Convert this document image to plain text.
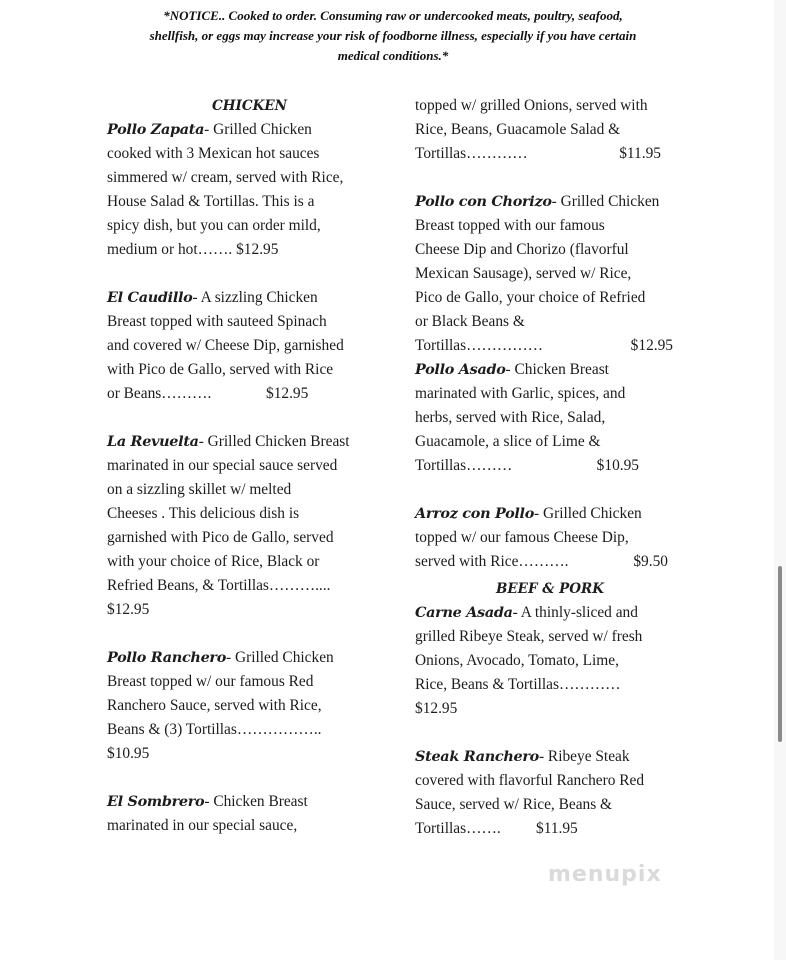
*NOTICE.. Cooked to order. Consuming raw or undercooked meats, poultry, seafood,
shellfish, or eggs may increase your risk of foodborne illness, especially if you have certain
medical conditions.*
CHICKEN
Pollo Zapata- Grilled Chicken
cooked with 3 Mexican hot sauces
simmered w/ cream, served with Rice,
House Salad & Tortillas. This is a
spicy dish, but you can order mild,
medium or hot……. $12.95
El Caudillo- A sizzling Chicken
Breast topped with sauteed Spinach
and covered w/ Cheese Dip, garnished
with Pico de Gallo, served with Rice
or Beans……….	$12.95
La Revuelta- Grilled Chicken Breast
marinated in our special sauce served
on a sizzling skillet w/ melted
Cheeses . This delicious dish is
garnished with Pico de Gallo, served
with your choice of Rice, Black or
Refried Beans, & Tortillas………....
$12.95
Pollo Ranchero- Grilled Chicken
Breast topped w/ our famous Red
Ranchero Sauce, served with Rice,
Beans & (3) Tortillas……………..
$10.95
El Sombrero- Chicken Breast
marinated in our special sauce,
topped w/ grilled Onions, served with
Rice, Beans, Guacamole Salad &
Tortillas…………	$11.95
Pollo con Chorizo- Grilled Chicken
Breast topped with our famous
Cheese Dip and Chorizo (flavorful
Mexican Sausage), served w/ Rice,
Pico de Gallo, your choice of Refried
or Black Beans &
Tortillas……………	$12.95
Pollo Asado- Chicken Breast
marinated with Garlic, spices, and
herbs, served with Rice, Salad,
Guacamole, a slice of Lime &
Tortillas………	$10.95
Arroz con Pollo- Grilled Chicken
topped w/ our famous Cheese Dip,
served with Rice……….	$9.50
BEEF & PORK
Carne Asada- A thinly-sliced and
grilled Ribeye Steak, served w/ fresh
Onions, Avocado, Tomato, Lime,
Rice, Beans & Tortillas…………
$12.95
Steak Ranchero- Ribeye Steak
covered with flavorful Ranchero Red
Sauce, served w/ Rice, Beans &
Tortillas……. $11.95
menupix
